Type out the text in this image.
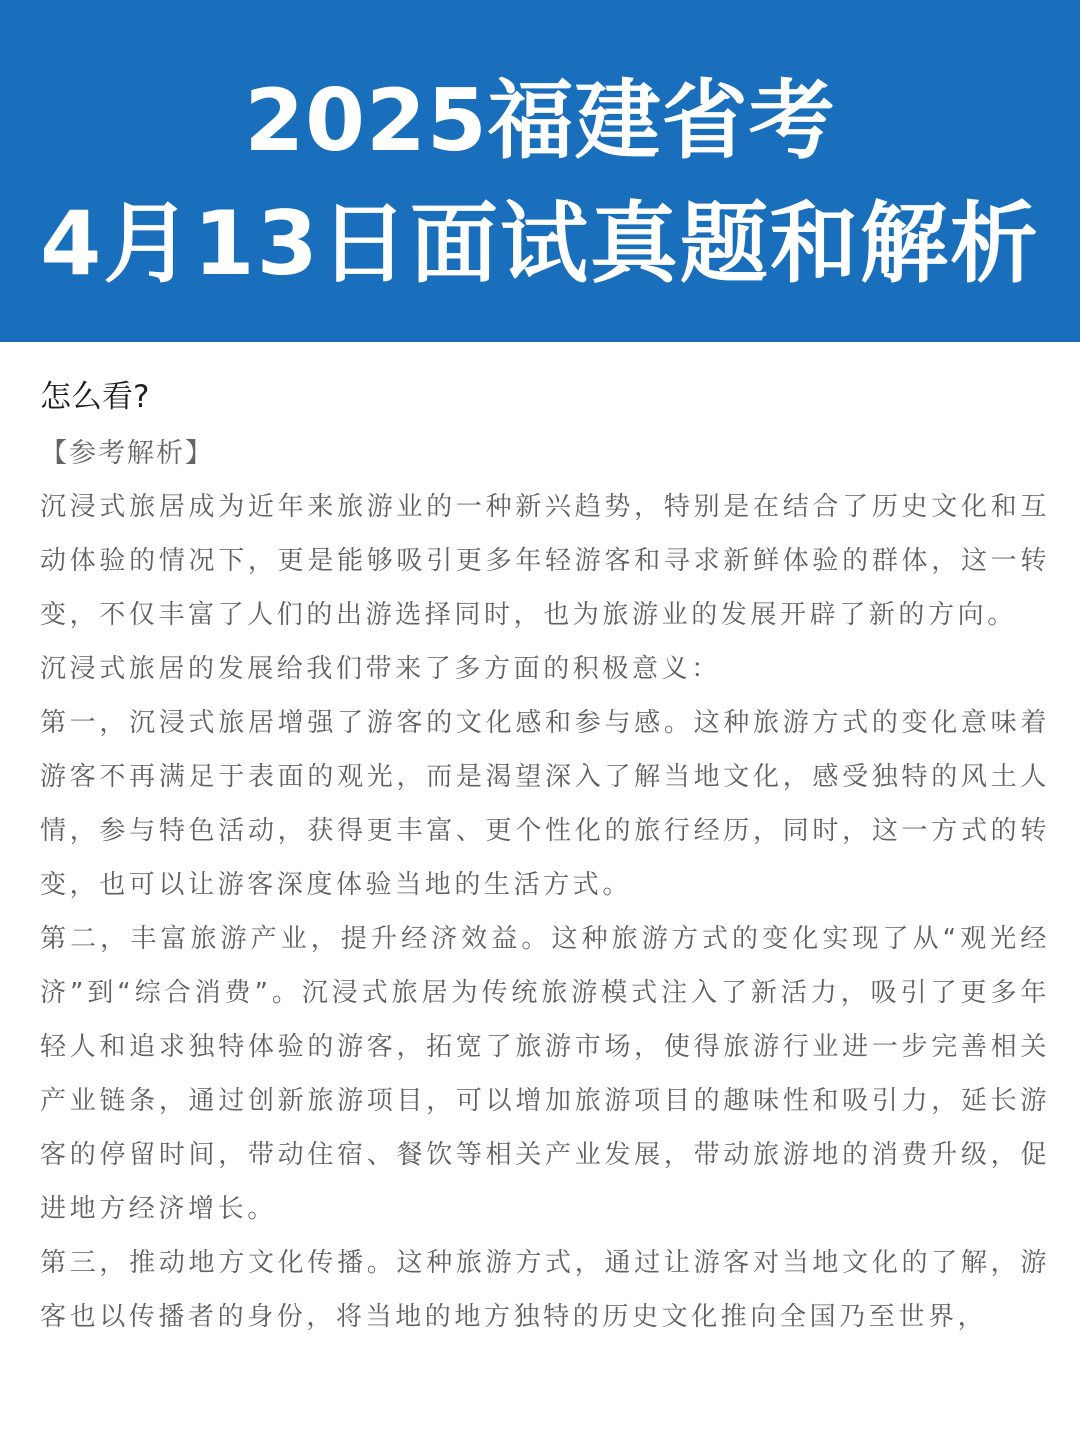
2025福建省考
4月13日面试真题和解析
怎么看?
【参考解析】

沉浸式旅居成为近年来旅游业的一种新兴趋势，特别是在结合了历史文化和互动体验的情况下，更是能够吸引更多年轻游客和寻求新鲜体验的群体，这一转变，不仅丰富了人们的出游选择同时，也为旅游业的发展开辟了新的方向。

沉浸式旅居的发展给我们带来了多方面的积极意义：

第一，沉浸式旅居增强了游客的文化感和参与感。这种旅游方式的变化意味着游客不再满足于表面的观光，而是渴望深入了解当地文化，感受独特的风土人情，参与特色活动，获得更丰富、更个性化的旅行经历，同时，这一方式的转变，也可以让游客深度体验当地的生活方式。

第二，丰富旅游产业，提升经济效益。这种旅游方式的变化实现了从“观光经济”到“综合消费”。沉浸式旅居为传统旅游模式注入了新活力，吸引了更多年轻人和追求独特体验的游客，拓宽了旅游市场，使得旅游行业进一步完善相关产业链条，通过创新旅游项目，可以增加旅游项目的趣味性和吸引力，延长游客的停留时间，带动住宿、餐饮等相关产业发展，带动旅游地的消费升级，促进地方经济增长。

第三，推动地方文化传播。这种旅游方式，通过让游客对当地文化的了解，游客也以传播者的身份，将当地的地方独特的历史文化推向全国乃至世界，
